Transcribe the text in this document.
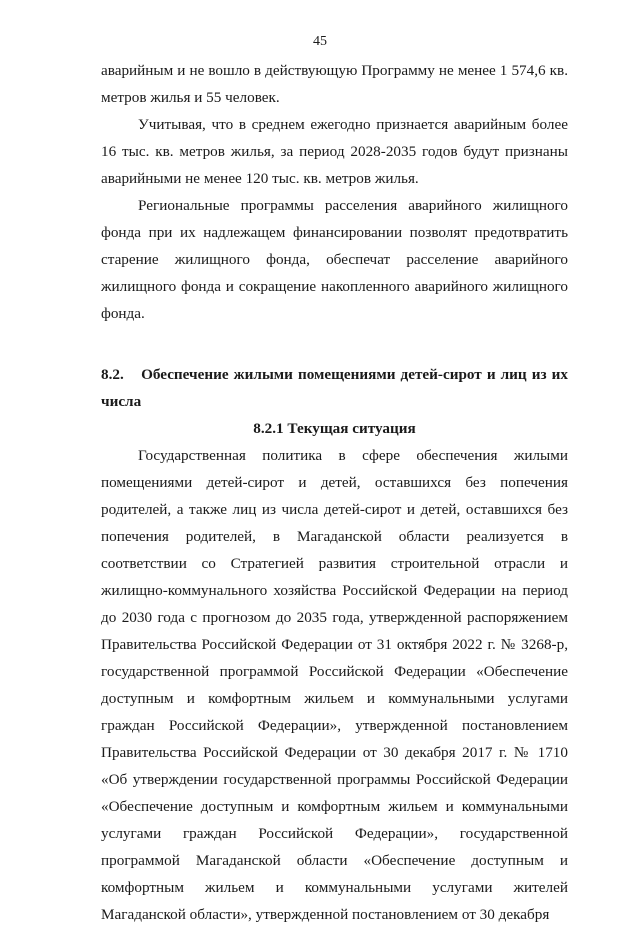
45

аварийным и не вошло в действующую Программу не менее 1 574,6 кв. метров жилья и 55 человек.

Учитывая, что в среднем ежегодно признается аварийным более 16 тыс. кв. метров жилья, за период 2028-2035 годов будут признаны аварийными не менее 120 тыс. кв. метров жилья.

Региональные программы расселения аварийного жилищного фонда при их надлежащем финансировании позволят предотвратить старение жилищного фонда, обеспечат расселение аварийного жилищного фонда и сокращение накопленного аварийного жилищного фонда.

8.2. Обеспечение жилыми помещениями детей-сирот и лиц из их числа
8.2.1 Текущая ситуация

Государственная политика в сфере обеспечения жилыми помещениями детей-сирот и детей, оставшихся без попечения родителей, а также лиц из числа детей-сирот и детей, оставшихся без попечения родителей, в Магаданской области реализуется в соответствии со Стратегией развития строительной отрасли и жилищно-коммунального хозяйства Российской Федерации на период до 2030 года с прогнозом до 2035 года, утвержденной распоряжением Правительства Российской Федерации от 31 октября 2022 г. № 3268-р, государственной программой Российской Федерации «Обеспечение доступным и комфортным жильем и коммунальными услугами граждан Российской Федерации», утвержденной постановлением Правительства Российской Федерации от 30 декабря 2017 г. № 1710 «Об утверждении государственной программы Российской Федерации «Обеспечение доступным и комфортным жильем и коммунальными услугами граждан Российской Федерации», государственной программой Магаданской области «Обеспечение доступным и комфортным жильем и коммунальными услугами жителей Магаданской области», утвержденной постановлением от 30 декабря
